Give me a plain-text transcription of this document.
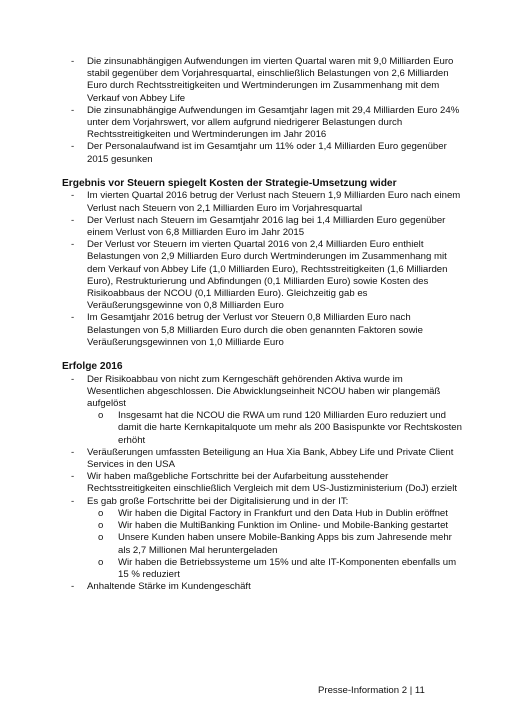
- Die zinsunabhängigen Aufwendungen im vierten Quartal waren mit 9,0 Milliarden Euro stabil gegenüber dem Vorjahresquartal, einschließlich Belastungen von 2,6 Milliarden Euro durch Rechtsstreitigkeiten und Wertminderungen im Zusammenhang mit dem Verkauf von Abbey Life
- Die zinsunabhängige Aufwendungen im Gesamtjahr lagen mit 29,4 Milliarden Euro 24% unter dem Vorjahrswert, vor allem aufgrund niedrigerer Belastungen durch Rechtsstreitigkeiten und Wertminderungen im Jahr 2016
- Der Personalaufwand ist im Gesamtjahr um 11% oder 1,4 Milliarden Euro gegenüber 2015 gesunken
Ergebnis vor Steuern spiegelt Kosten der Strategie-Umsetzung wider
- Im vierten Quartal 2016 betrug der Verlust nach Steuern 1,9 Milliarden Euro nach einem Verlust nach Steuern von 2,1 Milliarden Euro im Vorjahresquartal
- Der Verlust nach Steuern im Gesamtjahr 2016 lag bei 1,4 Milliarden Euro gegenüber einem Verlust von 6,8 Milliarden Euro im Jahr 2015
- Der Verlust vor Steuern im vierten Quartal 2016 von 2,4 Milliarden Euro enthielt Belastungen von 2,9 Milliarden Euro durch Wertminderungen im Zusammenhang mit dem Verkauf von Abbey Life (1,0 Milliarden Euro), Rechtsstreitigkeiten (1,6 Milliarden Euro), Restrukturierung und Abfindungen (0,1 Milliarden Euro) sowie Kosten des Risikoabbaus der NCOU (0,1 Milliarden Euro). Gleichzeitig gab es Veräußerungsgewinne von 0,8 Milliarden Euro
- Im Gesamtjahr 2016 betrug der Verlust vor Steuern 0,8 Milliarden Euro nach Belastungen von 5,8 Milliarden Euro durch die oben genannten Faktoren sowie Veräußerungsgewinnen von 1,0 Milliarde Euro
Erfolge 2016
- Der Risikoabbau von nicht zum Kerngeschäft gehörenden Aktiva wurde im Wesentlichen abgeschlossen. Die Abwicklungseinheit NCOU haben wir plangemäß aufgelöst
o Insgesamt hat die NCOU die RWA um rund 120 Milliarden Euro reduziert und damit die harte Kernkapitalquote um mehr als 200 Basispunkte vor Rechtskosten erhöht
- Veräußerungen umfassten Beteiligung an Hua Xia Bank, Abbey Life und Private Client Services in den USA
- Wir haben maßgebliche Fortschritte bei der Aufarbeitung ausstehender Rechtsstreitigkeiten einschließlich Vergleich mit dem US-Justizministerium (DoJ) erzielt
- Es gab große Fortschritte bei der Digitalisierung und in der IT:
o Wir haben die Digital Factory in Frankfurt und den Data Hub in Dublin eröffnet
o Wir haben die MultiBanking Funktion im Online- und Mobile-Banking gestartet
o Unsere Kunden haben unsere Mobile-Banking Apps bis zum Jahresende mehr als 2,7 Millionen Mal heruntergeladen
o Wir haben die Betriebssysteme um 15% und alte IT-Komponenten ebenfalls um 15 % reduziert
- Anhaltende Stärke im Kundengeschäft
Presse-Information 2 | 11
